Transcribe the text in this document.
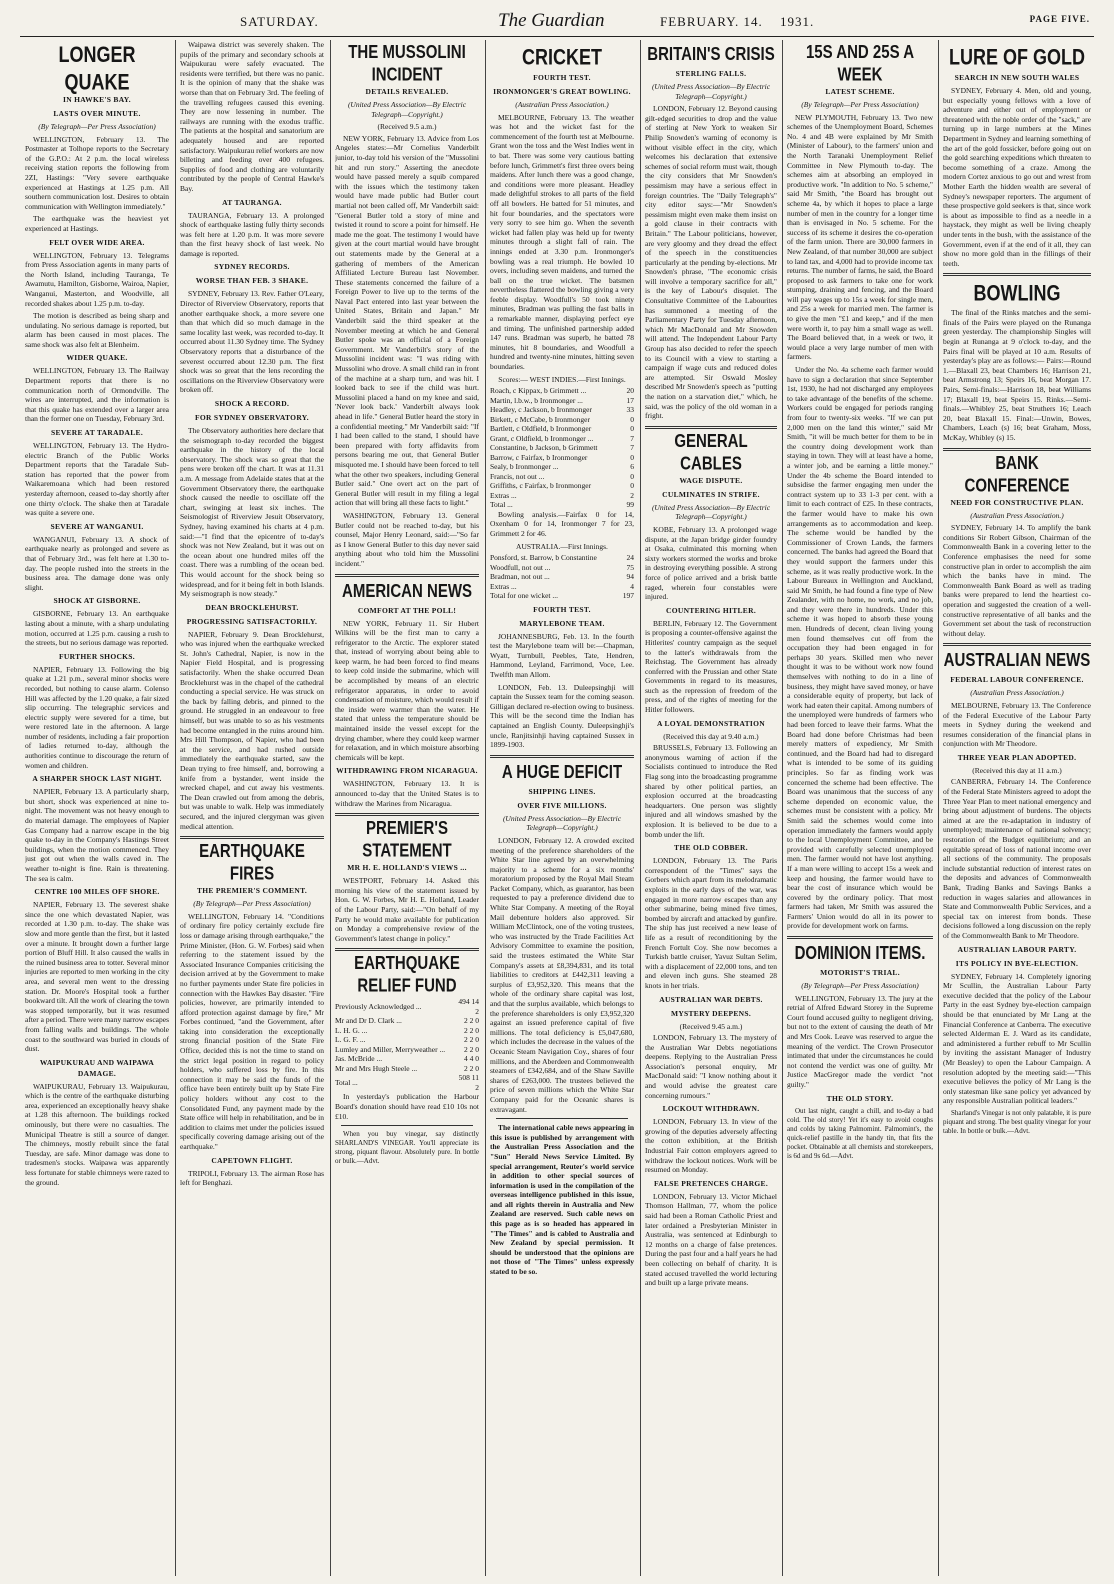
SATURDAY.	The Guardian	FEBRUARY. 14. 1931.	PAGE FIVE.
LONGER QUAKE
IN HAWKE'S BAY.
LASTS OVER MINUTE.
(By Telegraph—Per Press Association)

WELLINGTON, February 13. The Postmaster at Tolhope reports to the Secretary of the G.P.O.: At 2 p.m. the local wireless receiving station reports the following from 2ZI, Hastings: "Very severe earthquake experienced at Hastings at 1.25 p.m. All southern communication lost. Desires to obtain communication with Wellington immediately."

The earthquake was the heaviest yet experienced at Hastings.

FELT OVER WIDE AREA.

WELLINGTON, February 13. Telegrams from Press Association agents in many parts of the North Island, including Tauranga, Te Awamutu, Hamilton, Gisborne, Wairoa, Napier, Wanganui, Masterton, and Woodville, all recorded shakes about 1.25 p.m. to-day.

The motion is described as being sharp and undulating. No serious damage is reported, but alarm has been caused in most places. The same shock was also felt at Blenheim.

WIDER QUAKE.

WELLINGTON, February 13. The Railway Department reports that there is no communication north of Ormondville. The wires are interrupted, and the information is that this quake has extended over a larger area than the former one on Tuesday, February 3rd.

SEVERE AT TARADALE.

WELLINGTON, February 13. The Hydro-electric Branch of the Public Works Department reports that the Taradale Sub-station has reported that the power from Waikaremoana which had been restored yesterday afternoon, ceased to-day shortly after one thirty o'clock. The shake then at Taradale was quite a severe one.

SEVERE AT WANGANUI.

WANGANUI, February 13. A shock of earthquake nearly as prolonged and severe as that of February 3rd., was felt here at 1.30 to-day. The people rushed into the streets in the business area. The damage done was only slight.

SHOCK AT GISBORNE.

GISBORNE, February 13. An earthquake lasting about a minute, with a sharp undulating motion, occurred at 1.25 p.m. causing a rush to the streets, but no serious damage was reported.

FURTHER SHOCKS.

NAPIER, February 13. Following the big quake at 1.21 p.m., several minor shocks were recorded, but nothing to cause alarm. Colenso Hill was affected by the 1.20 quake, a fair sized slip occurring. The telegraphic services and electric supply were severed for a time, but were restored late in the afternoon. A large number of residents, including a fair proportion of ladies returned to-day, although the authorities continue to discourage the return of women and children.

A SHARPER SHOCK LAST NIGHT.

NAPIER, February 13. A particularly sharp, but short, shock was experienced at nine to-night. The movement was not heavy enough to do material damage. The employees of Napier Gas Company had a narrow escape in the big quake to-day in the Company's Hastings Street buildings, when the motion commenced. They just got out when the walls caved in. The weather to-night is fine. Rain is threatening. The sea is calm.

CENTRE 100 MILES OFF SHORE.

NAPIER, February 13. The severest shake since the one which devastated Napier, was recorded at 1.30 p.m. to-day. The shake was slow and more gentle than the first, but it lasted over a minute. It brought down a further large portion of Bluff Hill. It also caused the walls in the ruined business area to totter. Several minor injuries are reported to men working in the city area, and several men went to the dressing station. Dr. Moore's Hospital took a further bookward tilt. All the work of clearing the town was stopped temporarily, but it was resumed after a period. There were many narrow escapes from falling walls and buildings. The whole coast to the southward was buried in clouds of dust.

WAIPUKURAU AND WAIPAWA DAMAGE.

WAIPUKURAU, February 13. Waipukurau, which is the centre of the earthquake disturbing area, experienced an exceptionally heavy shake at 1.28 this afternoon. The buildings rocked ominously, but there were no casualties. The Municipal Theatre is still a source of danger. The chimneys, mostly rebuilt since the fatal Tuesday, are safe. Minor damage was done to tradesmen's stocks. Waipawa was apparently less fortunate for stable chimneys were razed to the ground.

Waipawa district was severely shaken. The pupils of the primary and secondary schools at Waipukurau were safely evacuated. The residents were terrified, but there was no panic. It is the opinion of many that the shake was worse than that on February 3rd. The feeling of the travelling refugees caused this evening. They are now lessening in number. The railways are running with the exodus traffic. The patients at the hospital and sanatorium are adequately housed and are reported satisfactory. Waipukurau relief workers are now billeting and feeding over 400 refugees. Supplies of food and clothing are voluntarily contributed by the people of Central Hawke's Bay.

AT TAURANGA.

TAURANGA, February 13. A prolonged shock of earthquake lasting fully thirty seconds was felt here at 1.20 p.m. It was more severe than the first heavy shock of last week. No damage is reported.

SYDNEY RECORDS.
WORSE THAN FEB. 3 SHAKE.

SYDNEY, February 13. Rev. Father O'Leary, Director of Riverview Observatory, reports that another earthquake shock, a more severe one than that which did so much damage in the same locality last week, was recorded to-day. It occurred about 11.30 Sydney time. The Sydney Observatory reports that a disturbance of the severest occurred about 12.30 p.m. The first shock was so great that the lens recording the oscillations on the Riverview Observatory were broken off.

SHOCK A RECORD.
FOR SYDNEY OBSERVATORY.

The Observatory authorities here declare that the seismograph to-day recorded the biggest earthquake in the history of the local observatory. The shock was so great that the pens were broken off the chart. It was at 11.31 a.m. A message from Adelaide states that at the Government Observatory there, the earthquake shock caused the needle to oscillate off the chart, swinging at least six inches. The Seismologist of Riverview Jesuit Observatory, Sydney, having examined his charts at 4 p.m. said:—"I find that the epicentre of to-day's shock was not New Zealand, but it was out on the ocean about one hundred miles off the coast. There was a rumbling of the ocean bed. This would account for the shock being so widespread, and for it being felt in both Islands. My seismograph is now steady."

DEAN BROCKLEHURST.
PROGRESSING SATISFACTORILY.

NAPIER, February 9. Dean Brocklehurst, who was injured when the earthquake wrecked St. John's Cathedral, Napier, is now in the Napier Field Hospital, and is progressing satisfactorily. When the shake occurred Dean Brocklehurst was in the chapel of the cathedral conducting a special service. He was struck on the back by falling debris, and pinned to the ground. He struggled in an endeavour to free himself, but was unable to so as his vestments had become entangled in the ruins around him. Mrs Hill Thompson, of Napier, who had been at the service, and had rushed outside immediately the earthquake started, saw the Dean trying to free himself, and, borrowing a knife from a bystander, went inside the wrecked chapel, and cut away his vestments. The Dean crawled out from among the debris, but was unable to walk. Help was immediately secured, and the injured clergyman was given medical attention.

EARTHQUAKE FIRES
THE PREMIER'S COMMENT.
(By Telegraph—Per Press Association)

WELLINGTON, February 14. "Conditions of ordinary fire policy certainly exclude fire loss or damage arising through earthquake," the Prime Minister, (Hon. G. W. Forbes) said when referring to the statement issued by the Associated Insurance Companies criticising the decision arrived at by the Government to make no further payments under State fire policies in connection with the Hawkes Bay disaster. "Fire policies, however, are primarily intended to afford protection against damage by fire," Mr Forbes continued, "and the Government, after taking into consideration the exceptionally strong financial position of the State Fire Office, decided this is not the time to stand on the strict legal position in regard to policy holders, who suffered loss by fire. In this connection it may be said the funds of the office have been entirely built up by State Fire policy holders without any cost to the Consolidated Fund, any payment made by the State office will help in rehabilitation, and be in addition to claims met under the policies issued specifically covering damage arising out of the earthquake."

CAPETOWN FLIGHT.

TRIPOLI, February 13. The airman Rose has left for Benghazi.

THE MUSSOLINI INCIDENT
DETAILS REVEALED.
(United Press Association—By Electric Telegraph—Copyright.)
(Received 9.5 a.m.)

NEW YORK, February 13. Advice from Los Angeles states:—Mr Cornelius Vanderbilt junior, to-day told his version of the "Mussolini hit and run story." Asserting the anecdote would have passed merely a squib compared with the issues which the testimony taken would have made public had Butler court martial not been called off, Mr Vanderbilt said: "General Butler told a story of mine and twisted it round to score a point for himself. He made me the goat. The testimony I would have given at the court martial would have brought out statements made by the General at a gathering of members of the American Affiliated Lecture Bureau last November. These statements concerned the failure of a Foreign Power to live up to the terms of the Naval Pact entered into last year between the United States, Britain and Japan." Mr Vanderbilt said the third speaker at the November meeting at which he and General Butler spoke was an official of a Foreign Government. Mr Vanderbilt's story of the Mussolini incident was: "I was riding with Mussolini who drove. A small child ran in front of the machine at a sharp turn, and was hit. I looked back to see if the child was hurt. Mussolini placed a hand on my knee and said, 'Never look back.' Vanderbilt always look ahead in life." General Butler heard the story in a confidential meeting." Mr Vanderbilt said: "If I had been called to the stand, I should have been prepared with forty affidavits from persons bearing me out, that General Butler misquoted me. I should have been forced to tell what the other two speakers, including General Butler said." One overt act on the part of General Butler will result in my filing a legal action that will bring all these facts to light."

WASHINGTON, February 13. General Butler could not be reached to-day, but his counsel, Major Henry Leonard, said:—"So far as I know General Butler to this day never said anything about who told him the Mussolini incident."

AMERICAN NEWS
COMFORT AT THE POLL!

NEW YORK, February 11. Sir Hubert Wilkins will be the first man to carry a refrigerator to the Arctic. The explorer stated that, instead of worrying about being able to keep warm, he had been forced to find means to keep cold inside the submarine, which will be accomplished by means of an electric refrigerator apparatus, in order to avoid condensation of moisture, which would result if the inside were warmer than the water. He stated that unless the temperature should be maintained inside the vessel except for the drying chamber, where they could keep warmer for relaxation, and in which moisture absorbing chemicals will be kept.

WITHDRAWING FROM NICARAGUA.

WASHINGTON, February 13. It is announced to-day that the United States is to withdraw the Marines from Nicaragua.

PREMIER'S STATEMENT
MR H. E. HOLLAND'S VIEWS ...

WESTPORT, February 14. Asked this morning his view of the statement issued by Hon. G. W. Forbes, Mr H. E. Holland, Leader of the Labour Party, said:—"On behalf of my Party he would make available for publication on Monday a comprehensive review of the Government's latest change in policy."

EARTHQUAKE RELIEF FUND
Previously Acknowledged ...	494 14 2
Mr and Dr D. Clark ...	2 2 0
L. H. G. ...	2 2 0
L. G. F. ...	2 2 0
Lumley and Miller, Merryweather ...	2 2 0
Jas. McBride ...	4 4 0
Mr and Mrs Hugh Steele ...	2 2 0
Total ...	508 11 2

In yesterday's publication the Harbour Board's donation should have read £10 10s not £10.

When you buy vinegar, say distinctly SHARLAND'S VINEGAR. You'll appreciate its strong, piquant flavour. Absolutely pure. In bottle or bulk.—Advt.

CRICKET
FOURTH TEST.
IRONMONGER'S GREAT BOWLING.
(Australian Press Association.)

MELBOURNE, February 13. The weather was hot and the wicket fast for the commencement of the fourth test at Melbourne. Grant won the toss and the West Indies went in to bat. There was some very cautious batting before lunch, Grimmett's first three overs being maidens. After lunch there was a good change, and conditions were more pleasant. Headley made delightful strokes to all parts of the field off all bowlers. He batted for 51 minutes, and hit four boundaries, and the spectators were very sorry to see him go. When the seventh wicket had fallen play was held up for twenty minutes through a slight fall of rain. The innings ended at 3.30 p.m. Ironmonger's bowling was a real triumph. He bowled 10 overs, including seven maidens, and turned the ball on the true wicket. The batsmen nevertheless flattered the bowling giving a very feeble display. Woodfull's 50 took ninety minutes, Bradman was pulling the fast balls in a remarkable manner, displaying perfect eye and timing. The unfinished partnership added 147 runs. Bradman was superb, he batted 78 minutes, hit 8 boundaries, and Woodfull a hundred and twenty-nine minutes, hitting seven boundaries.

Scores:— WEST INDIES.—First Innings.
Roach, c Kippax, b Grimmett ...	20
Martin, l.b.w., b Ironmonger ...	17
Headley, c Jackson, b Ironmonger	33
Birkett, c McCabe, b Ironmonger	0
Bartlett, c Oldfield, b Ironmonger	0
Grant, c Oldfield, b Ironmonger ...	7
Constantine, b Jackson, b Grimmett	7
Barrow, c Fairfax, b Ironmonger	0
Sealy, b Ironmonger ...	6
Francis, not out ...	0
Griffiths, c Fairfax, b Ironmonger	0
Extras ...	2
Total ...	99

Bowling analysis.—Fairfax 0 for 14, Oxenham 0 for 14, Ironmonger 7 for 23, Grimmett 2 for 46.

AUSTRALIA.—First Innings.
Ponsford, st. Barrow, b Constantine	24
Woodfull, not out ...	75
Bradman, not out ...	94
Extras ...	4
Total for one wicket ...	197
FOURTH TEST.
MARYLEBONE TEAM.

JOHANNESBURG, Feb. 13. In the fourth test the Marylebone team will be:—Chapman, Wyatt, Turnbull, Peebles, Tate, Hendren, Hammond, Leyland, Farrimond, Voce, Lee. Twelfth man Allom.

LONDON, Feb. 13. Duleepsinghji will captain the Sussex team for the coming season. Gilligan declared re-election owing to business. This will be the second time the Indian has captained an English County. Duleepsinghji's uncle, Ranjitsinhji having captained Sussex in 1899-1903.

A HUGE DEFICIT
SHIPPING LINES.
OVER FIVE MILLIONS.
(United Press Association—By Electric Telegraph—Copyright.)

LONDON, February 12. A crowded excited meeting of the preference shareholders of the White Star line agreed by an overwhelming majority to a scheme for a six months' moratorium proposed by the Royal Mail Steam Packet Company, which, as guarantor, has been requested to pay a preference dividend due to White Star Company. A meeting of the Royal Mail debenture holders also approved. Sir William McClintock, one of the voting trustees, who was instructed by the Trade Facilities Act Advisory Committee to examine the position, said the trustees estimated the White Star Company's assets at £8,394,831, and its total liabilities to creditors at £442,311 leaving a surplus of £3,952,320. This means that the whole of the ordinary share capital was lost, and that the surplus available, which belongs to the preference shareholders is only £3,952,320 against an issued preference capital of five millions. The total deficiency is £5,047,680, which includes the decrease in the values of the Oceanic Steam Navigation Coy., shares of four millions, and the Aberdeen and Commonwealth steamers of £342,684, and of the Shaw Saville shares of £263,000. The trustees believed the price of seven millions which the White Star Company paid for the Oceanic shares is extravagant.

The international cable news appearing in this issue is published by arrangement with the Australian Press Association and the "Sun" Herald News Service Limited. By special arrangement, Reuter's world service in addition to other special sources of information is used in the compilation of the overseas intelligence published in this issue, and all rights therein in Australia and New Zealand are reserved. Such cable news on this page as is so headed has appeared in "The Times" and is cabled to Australia and New Zealand by special permission. It should be understood that the opinions are not those of "The Times" unless expressly stated to be so.

BRITAIN'S CRISIS
STERLING FALLS.
(United Press Association—By Electric Telegraph—Copyright.)

LONDON, February 12. Beyond causing gilt-edged securities to drop and the value of sterling at New York to weaken Sir Philip Snowden's warning of economy is without visible effect in the city, which welcomes his declaration that extensive schemes of social reform must wait, though the city considers that Mr Snowden's pessimism may have a serious effect in foreign countries. The "Daily Telegraph's" city editor says:—"Mr Snowden's pessimism might even make them insist on a gold clause in their contracts with Britain." The Labour politicians, however, are very gloomy and they dread the effect of the speech in the constituencies particularly at the pending by-elections. Mr Snowden's phrase, "The economic crisis will involve a temporary sacrifice for all," is the key of Labour's disquiet. The Consultative Committee of the Labourites has summoned a meeting of the Parliamentary Party for Tuesday afternoon, which Mr MacDonald and Mr Snowden will attend. The Independent Labour Party Group has also decided to refer the speech to its Council with a view to starting a campaign if wage cuts and reduced doles are attempted. Sir Oswald Mosley described Mr Snowden's speech as "putting the nation on a starvation diet," which, he said, was the policy of the old woman in a fright.

GENERAL CABLES
WAGE DISPUTE.
CULMINATES IN STRIFE.
(United Press Association—By Electric Telegraph—Copyright.)

KOBE, February 13. A prolonged wage dispute, at the Japan bridge girder foundry at Osaka, culminated this morning when sixty workers stormed the works and broke in destroying everything possible. A strong force of police arrived and a brisk battle raged, wherein four constables were injured.

COUNTERING HITLER.

BERLIN, February 12. The Government is proposing a counter-offensive against the Hitlerites' country campaign as the sequel to the latter's withdrawals from the Reichstag. The Government has already conferred with the Prussian and other State Governments in regard to its measures, such as the repression of freedom of the press, and of the rights of meeting for the Hitler followers.

A LOYAL DEMONSTRATION
(Received this day at 9.40 a.m.)

BRUSSELS, February 13. Following an anonymous warning of action if the Socialists continued to introduce the Red Flag song into the broadcasting programme shared by other political parties, an explosion occurred at the broadcasting headquarters. One person was slightly injured and all windows smashed by the explosion. It is believed to be due to a bomb under the lift.

THE OLD COBBER.

LONDON, February 13. The Paris correspondent of the "Times" says the Gorbers which apart from its melodramatic exploits in the early days of the war, was engaged in more narrow escapes than any other submarine, being mined five times, bombed by aircraft and attacked by gunfire. The ship has just received a new lease of life as a result of reconditioning by the French Fortult Coy. She now becomes a Turkish battle cruiser, Yavuz Sultan Selim, with a displacement of 22,000 tons, and ten and eleven inch guns. She steamed 28 knots in her trials.

AUSTRALIAN WAR DEBTS.
MYSTERY DEEPENS.
(Received 9.45 a.m.)

LONDON, February 13. The mystery of the Australian War Debts negotiations deepens. Replying to the Australian Press Association's personal enquiry, Mr MacDonald said: "I know nothing about it and would advise the greatest care concerning rumours."

LOCKOUT WITHDRAWN.

LONDON, February 13. In view of the growing of the deputies adversely affecting the cotton exhibition, at the British Industrial Fair cotton employers agreed to withdraw the lockout notices. Work will be resumed on Monday.

FALSE PRETENCES CHARGE.

LONDON, February 13. Victor Michael Thomson Hallman, 77, whom the police said had been a Roman Catholic Priest and later ordained a Presbyterian Minister in Australia, was sentenced at Edinburgh to 12 months on a charge of false pretences. During the past four and a half years he had been collecting on behalf of charity. It is stated accused travelled the world lecturing and built up a large private means.

15S AND 25S A WEEK
LATEST SCHEME.
(By Telegraph—Per Press Association)

NEW PLYMOUTH, February 13. Two new schemes of the Unemployment Board, Schemes No. 4 and 4B were explained by Mr Smith (Minister of Labour), to the farmers' union and the North Taranaki Unemployment Relief Committee in New Plymouth to-day. The schemes aim at absorbing an employed in productive work. "In addition to No. 5 scheme," said Mr Smith, "the Board has brought out scheme 4a, by which it hopes to place a large number of men in the country for a longer time than is envisaged in No. 5 scheme. For the success of its scheme it desires the co-operation of the farm union. There are 30,000 farmers in New Zealand, of that number 30,000 are subject to land tax, and 4,000 had to provide income tax returns. The number of farms, he said, the Board proposed to ask farmers to take one for work stumping, draining and fencing, and the Board will pay wages up to 15s a week for single men, and 25s a week for married men. The farmer is to give the men "£1 and keep," and if the men were worth it, to pay him a small wage as well. The Board believed that, in a week or two, it would place a very large number of men with farmers.

Under the No. 4a scheme each farmer would have to sign a declaration that since September 1st, 1930, he had not discharged any employees to take advantage of the benefits of the scheme. Workers could be engaged for periods ranging from four to twenty-six weeks. "If we can put 2,000 men on the land this winter," said Mr Smith, "it will be much better for them to be in the country doing development work than staying in town. They will at least have a home, a winter job, and be earning a little money." Under the 4b scheme the Board intended to subsidise the farmer engaging men under the contract system up to 33 1-3 per cent. with a limit to each contract of £25. In these contracts, the farmer would have to make his own arrangements as to accommodation and keep. The scheme would be handled by the Commissioner of Crown Lands, the farmers concerned. The banks had agreed the Board that they would support the farmers under this scheme, as it was really productive work. In the Labour Bureaux in Wellington and Auckland, said Mr Smith, he had found a fine type of New Zealander, with no home, no work, and no job, and they were there in hundreds. Under this scheme it was hoped to absorb these young men. Hundreds of decent, clean living young men found themselves cut off from the occupation they had been engaged in for perhaps 30 years. Skilled men who never thought it was to be without work now found themselves with nothing to do in a line of business, they might have saved money, or have a considerable equity of property, but lack of work had eaten their capital. Among numbers of the unemployed were hundreds of farmers who had been forced to leave their farms. What the Board had done before Christmas had been merely matters of expediency, Mr Smith continued, and the Board had had to disregard what is intended to be some of its guiding principles. So far as finding work was concerned the scheme had been effective. The Board was unanimous that the success of any scheme depended on economic value, the schemes must be consistent with a policy. Mr Smith said the schemes would come into operation immediately the farmers would apply to the local Unemployment Committee, and be provided with carefully selected unemployed men. The farmer would not have lost anything. If a man were willing to accept 15s a week and keep and housing, the farmer would have to bear the cost of insurance which would be covered by the ordinary policy. That most farmers had taken, Mr Smith was assured the Farmers' Union would do all in its power to provide for development work on farms.

DOMINION ITEMS.
MOTORIST'S TRIAL.
(By Telegraph—Per Press Association)

WELLINGTON, February 13. The jury at the retrial of Alfred Edward Storey in the Supreme Court found accused guilty to negligent driving, but not to the extent of causing the death of Mr and Mrs Cook. Leave was reserved to argue the meaning of the verdict. The Crown Prosecutor intimated that under the circumstances he could not contend the verdict was one of guilty. Mr Justice MacGregor made the verdict "not guilty."

THE OLD STORY.

Out last night, caught a chill, and to-day a bad cold. The old story! Yet it's easy to avoid coughs and colds by taking Palmomint. Palmomint's, the quick-relief pastille in the handy tin, that fits the pocket. Obtainable at all chemists and storekeepers, is 6d and 9s 6d.—Advt.

LURE OF GOLD
SEARCH IN NEW SOUTH WALES

SYDNEY, February 4. Men, old and young, but especially young fellows with a love of adventure and either out of employment or threatened with the noble order of the "sack," are turning up in large numbers at the Mines Department in Sydney and learning something of the art of the gold fossicker, before going out on the gold searching expeditions which threaten to become something of a craze. Among the modern Cortez anxious to go out and wrest from Mother Earth the hidden wealth are several of Sydney's newspaper reporters. The argument of these prospective gold seekers is that, since work is about as impossible to find as a needle in a haystack, they might as well be living cheaply under tents in the bush, with the assistance of the Government, even if at the end of it all, they can show no more gold than in the fillings of their teeth.

BOWLING

The final of the Rinks matches and the semi-finals of the Pairs were played on the Runanga green yesterday. The championship Singles will begin at Runanga at 9 o'clock to-day, and the Pairs final will be played at 10 a.m. Results of yesterday's play are as follows:— Pairs:—Round 1.—Blaxall 23, beat Chambers 16; Harrison 21, beat Armstrong 13; Speirs 16, beat Morgan 17. Pairs, Semi-finals:—Harrison 18, beat Williams 17; Blaxall 19, beat Speirs 15. Rinks.—Semi-finals.—Whibley 25, beat Struthers 16; Leach 20, beat Blaxall 15. Final:—Unwin, Bowes, Chambers, Leach (s) 16; beat Graham, Moss, McKay, Whibley (s) 15.

BANK CONFERENCE
NEED FOR CONSTRUCTIVE PLAN.
(Australian Press Association.)

SYDNEY, February 14. To amplify the bank conditions Sir Robert Gibson, Chairman of the Commonwealth Bank in a covering letter to the Conference emphasises the need for some constructive plan in order to accomplish the aim which the banks have in mind. The Commonwealth Bank Board as well as trading banks were prepared to lend the heartiest co-operation and suggested the creation of a well-constructive representative of all banks and the Government set about the task of reconstruction without delay.

AUSTRALIAN NEWS
FEDERAL LABOUR CONFERENCE.
(Australian Press Association.)

MELBOURNE, February 13. The Conference of the Federal Executive of the Labour Party meets in Sydney during the weekend and resumes consideration of the financial plans in conjunction with Mr Theodore.

THREE YEAR PLAN ADOPTED.
(Received this day at 11 a.m.)

CANBERRA, February 14. The Conference of the Federal State Ministers agreed to adopt the Three Year Plan to meet national emergency and bring about adjustment of burdens. The objects aimed at are the re-adaptation in industry of unemployed; maintenance of national solvency; restoration of the Budget equilibrium; and an equitable spread of loss of national income over all sections of the community. The proposals include substantial reduction of interest rates on the deposits and advances of Commonwealth Bank, Trading Banks and Savings Banks a reduction in wages salaries and allowances in State and Commonwealth Public Services, and a special tax on interest from bonds. These decisions followed a long discussion on the reply of the Commonwealth Bank to Mr Theodore.

AUSTRALIAN LABOUR PARTY.
ITS POLICY IN BYE-ELECTION.

SYDNEY, February 14. Completely ignoring Mr Scullin, the Australian Labour Party executive decided that the policy of the Labour Party in the east Sydney bye-election campaign should be that enunciated by Mr Lang at the Financial Conference at Canberra. The executive selected Alderman E. J. Ward as its candidate, and administered a further rebuff to Mr Scullin by inviting the assistant Manager of Industry (Mr Beasley) to open the Labour Campaign. A resolution adopted by the meeting said:—"This executive believes the policy of Mr Lang is the only statesman like sane policy yet advanced by any responsible Australian political leaders."

Sharland's Vinegar is not only palatable, it is pure piquant and strong. The best quality vinegar for your table. In bottle or bulk.—Advt.
